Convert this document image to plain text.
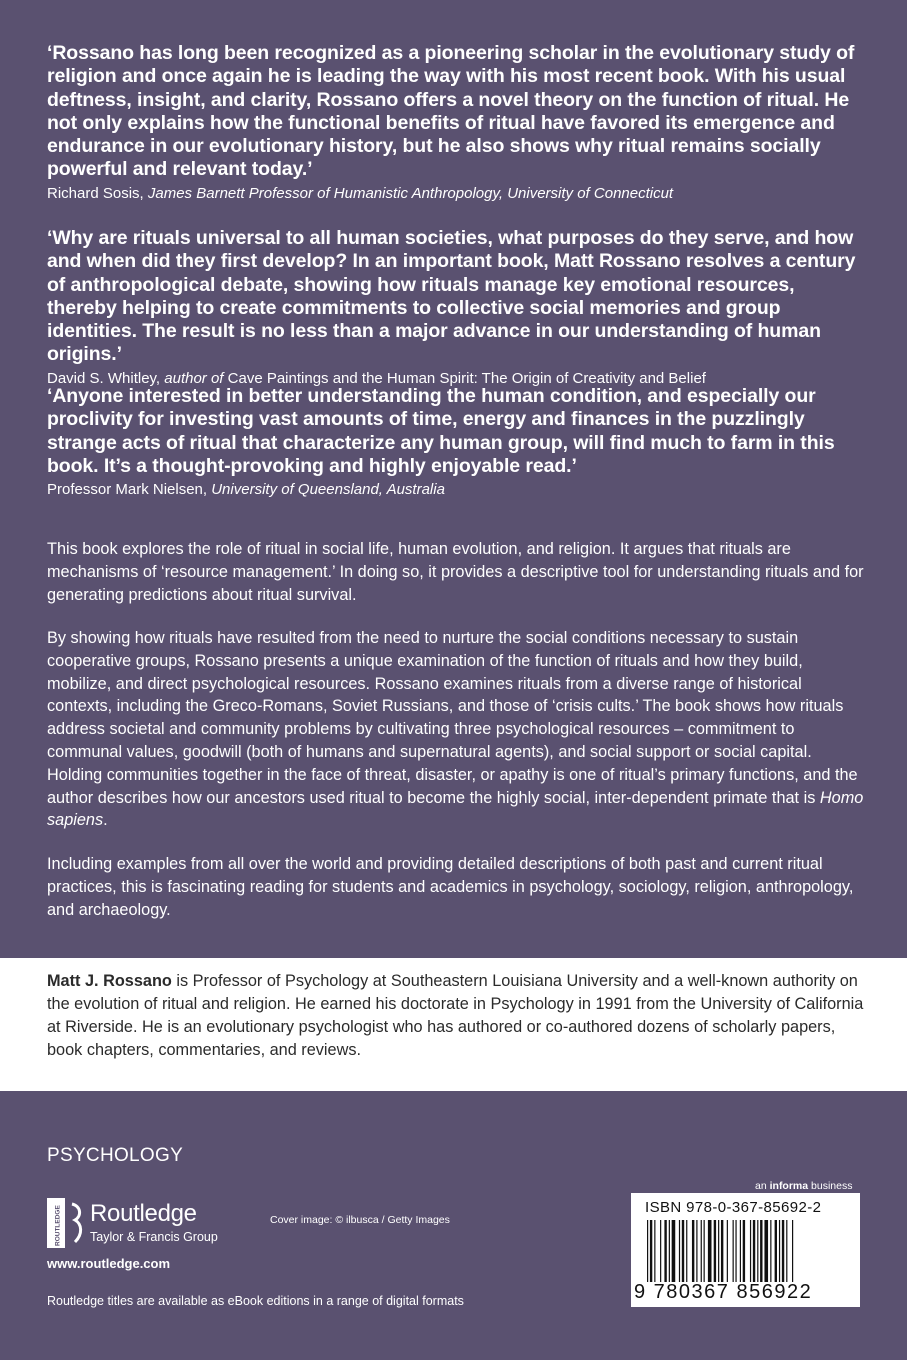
‘Rossano has long been recognized as a pioneering scholar in the evolutionary study of religion and once again he is leading the way with his most recent book. With his usual deftness, insight, and clarity, Rossano offers a novel theory on the function of ritual. He not only explains how the functional benefits of ritual have favored its emergence and endurance in our evolutionary history, but he also shows why ritual remains socially powerful and relevant today.’

Richard Sosis, James Barnett Professor of Humanistic Anthropology, University of Connecticut

‘Why are rituals universal to all human societies, what purposes do they serve, and how and when did they first develop? In an important book, Matt Rossano resolves a century of anthropological debate, showing how rituals manage key emotional resources, thereby helping to create commitments to collective social memories and group identities. The result is no less than a major advance in our understanding of human origins.’

David S. Whitley, author of Cave Paintings and the Human Spirit: The Origin of Creativity and Belief

‘Anyone interested in better understanding the human condition, and especially our proclivity for investing vast amounts of time, energy and finances in the puzzlingly strange acts of ritual that characterize any human group, will find much to farm in this book. It’s a thought-provoking and highly enjoyable read.’

Professor Mark Nielsen, University of Queensland, Australia

This book explores the role of ritual in social life, human evolution, and religion. It argues that rituals are mechanisms of ‘resource management.’ In doing so, it provides a descriptive tool for understanding rituals and for generating predictions about ritual survival.

By showing how rituals have resulted from the need to nurture the social conditions necessary to sustain cooperative groups, Rossano presents a unique examination of the function of rituals and how they build, mobilize, and direct psychological resources. Rossano examines rituals from a diverse range of historical contexts, including the Greco-Romans, Soviet Russians, and those of ‘crisis cults.’ The book shows how rituals address societal and community problems by cultivating three psychological resources – commitment to communal values, goodwill (both of humans and supernatural agents), and social support or social capital. Holding communities together in the face of threat, disaster, or apathy is one of ritual’s primary functions, and the author describes how our ancestors used ritual to become the highly social, inter-dependent primate that is Homo sapiens.

Including examples from all over the world and providing detailed descriptions of both past and current ritual practices, this is fascinating reading for students and academics in psychology, sociology, religion, anthropology, and archaeology.

Matt J. Rossano is Professor of Psychology at Southeastern Louisiana University and a well-known authority on the evolution of ritual and religion. He earned his doctorate in Psychology in 1991 from the University of California at Riverside. He is an evolutionary psychologist who has authored or co-authored dozens of scholarly papers, book chapters, commentaries, and reviews.

PSYCHOLOGY
ROUTLEDGE Routledge
Taylor & Francis Group
www.routledge.com
Cover image: © ilbusca / Getty Images
Routledge titles are available as eBook editions in a range of digital formats
an informa business
ISBN 978-0-367-85692-2
9 780367 856922
